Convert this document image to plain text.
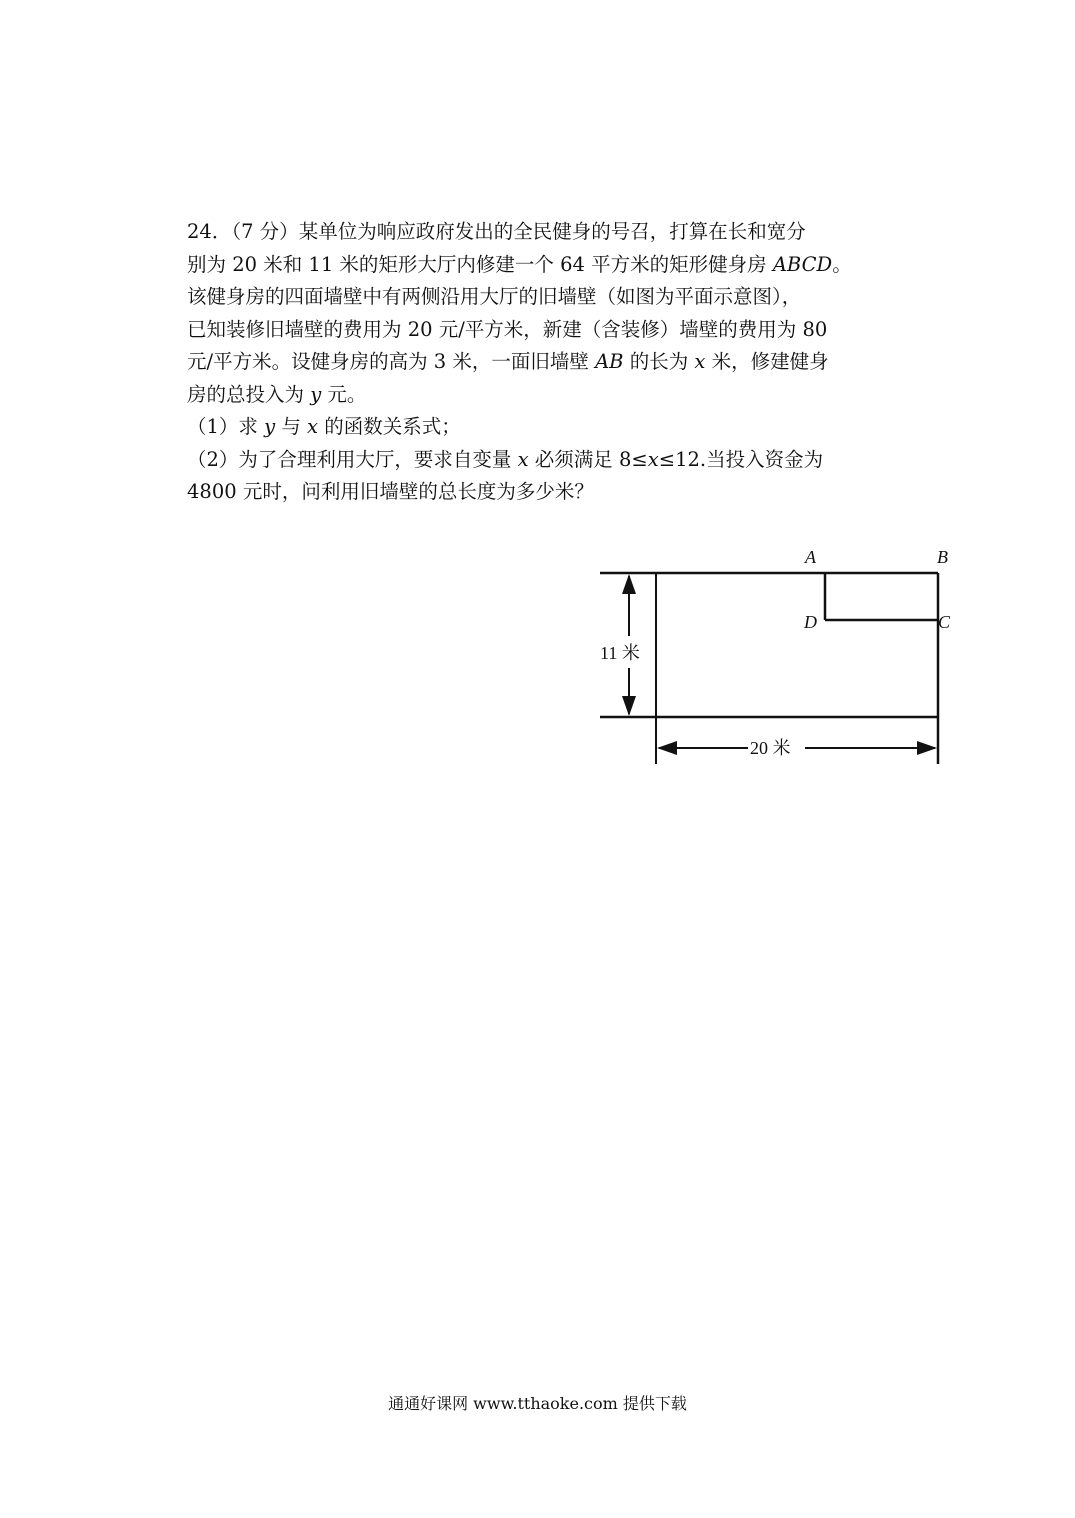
24．（7 分）某单位为响应政府发出的全民健身的号召，打算在长和宽分
别为 20 米和 11 米的矩形大厅内修建一个 64 平方米的矩形健身房 ABCD。
该健身房的四面墙壁中有两侧沿用大厅的旧墙壁（如图为平面示意图），
已知装修旧墙壁的费用为 20 元/平方米，新建（含装修）墙壁的费用为 80
元/平方米。设健身房的高为 3 米，一面旧墙壁 AB 的长为 x 米，修建健身
房的总投入为 y 元。
（1）求 y 与 x 的函数关系式；
（2）为了合理利用大厅，要求自变量 x 必须满足 8≤x≤12.当投入资金为
4800 元时，问利用旧墙壁的总长度为多少米？
11 米
20 米
A	B
D	C
通通好课网 www.tthaoke.com 提供下载
